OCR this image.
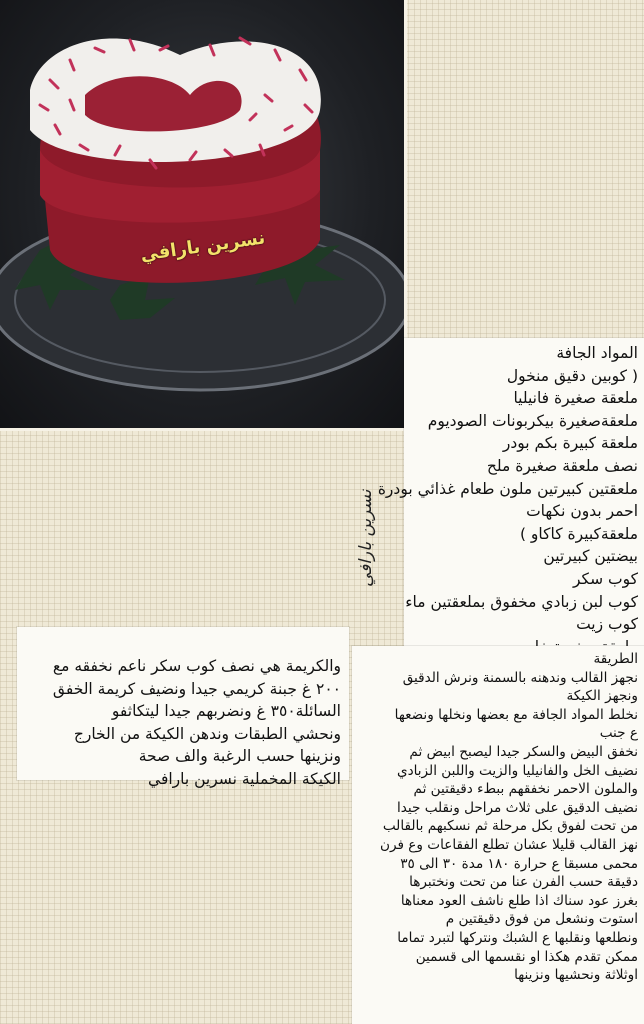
نسرين بارافي
المواد الجافة
( كوبين دقيق منخول
ملعقة صغيرة فانيليا
ملعقةصغيرة بيكربونات الصوديوم
ملعقة كبيرة بكم بودر
نصف ملعقة صغيرة ملح
ملعقتين كبيرتين ملون طعام غذائي بودرة
احمر بدون نكهات
ملعقةكبيرة كاكاو )
بيضتين كبيرتين
كوب سكر
كوب لبن زبادي مخفوق بملعقتين ماء
كوب زيت
نسرين بارافي
والكريمة هي نصف كوب سكر ناعم نخفقه مع
٢٠٠ غ جبنة كريمي جيدا ونضيف كريمة الخفق
السائلة٣٥٠ غ ونضربهم جيدا ليتكاثفو
ونحشي الطبقات وندهن الكيكة من الخارج
ونزينها حسب الرغبة والف صحة
الكيكة المخملية نسرين بارافي
الطريقة
نجهز القالب وندهنه بالسمنة ونرش الدقيق
ونجهز الكيكة
نخلط المواد الجافة مع بعضها ونخلها ونضعها
ع جنب
نخفق البيض والسكر جيدا ليصبح ابيض ثم
نضيف الخل والفانيليا والزيت واللبن الزبادي
والملون الاحمر نخفقهم ببطء دقيقتين ثم
نضيف الدقيق على ثلاث مراحل ونقلب جيدا
من تحت لفوق بكل مرحلة ثم نسكبهم بالقالب
نهز القالب قليلا عشان تطلع الفقاعات وع فرن
محمى مسبقا ع حرارة ١٨٠ مدة ٣٠ الى ٣٥
دقيقة حسب الفرن عنا من تحت ونختبرها
بغرز عود سناك اذا طلع ناشف العود معناها
استوت ونشعل من فوق دقيقتين م
ونطلعها ونقلبها ع الشبك ونتركها لتبرد تماما
ممكن تقدم هكذا او نقسمها الى قسمين
اوثلاثة ونحشيها ونزينها
